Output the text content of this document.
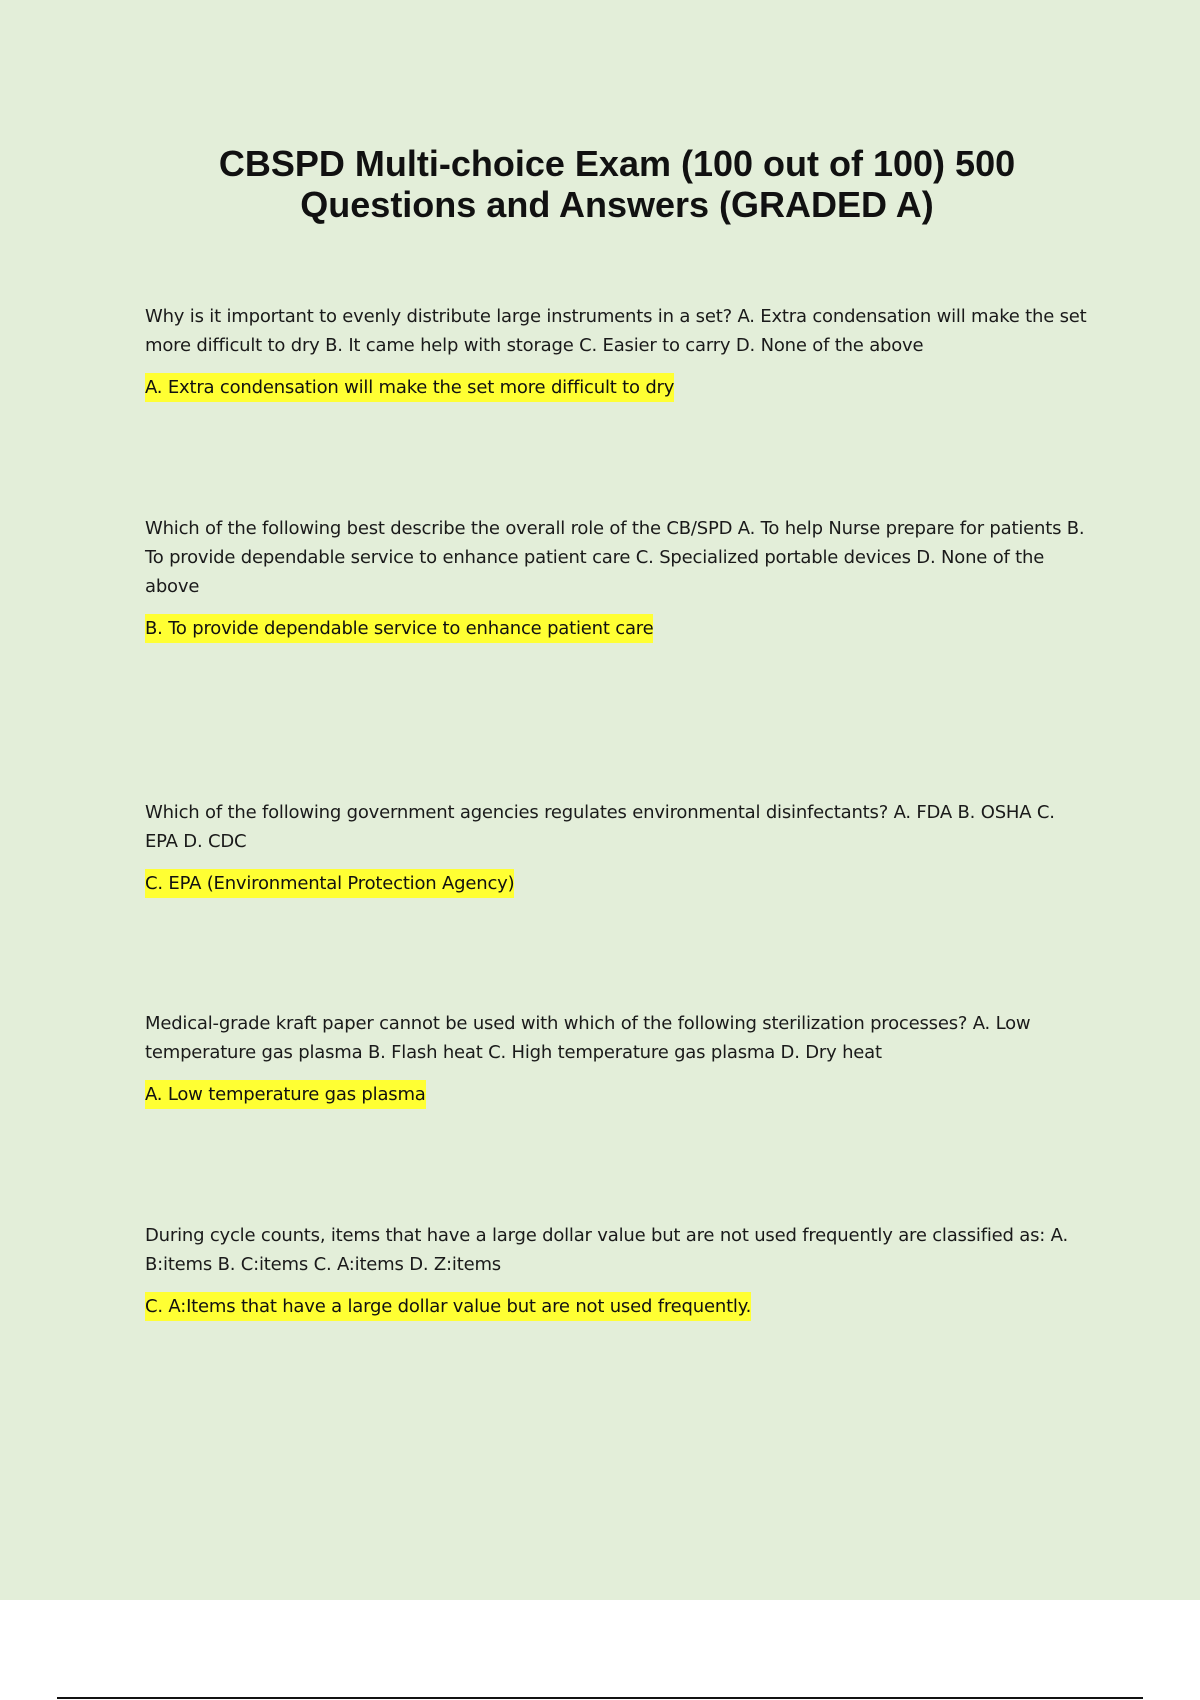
CBSPD Multi-choice Exam (100 out of 100) 500
Questions and Answers (GRADED A)

Why is it important to evenly distribute large instruments in a set? A. Extra condensation will make the set more difficult to dry B. It came help with storage C. Easier to carry D. None of the above

A. Extra condensation will make the set more difficult to dry

Which of the following best describe the overall role of the CB/SPD A. To help Nurse prepare for patients B. To provide dependable service to enhance patient care C. Specialized portable devices D. None of the above

B. To provide dependable service to enhance patient care

Which of the following government agencies regulates environmental disinfectants? A. FDA B. OSHA C. EPA D. CDC

C. EPA (Environmental Protection Agency)

Medical-grade kraft paper cannot be used with which of the following sterilization processes? A. Low temperature gas plasma B. Flash heat C. High temperature gas plasma D. Dry heat

A. Low temperature gas plasma

During cycle counts, items that have a large dollar value but are not used frequently are classified as: A. B:items B. C:items C. A:items D. Z:items

C. A:Items that have a large dollar value but are not used frequently.
